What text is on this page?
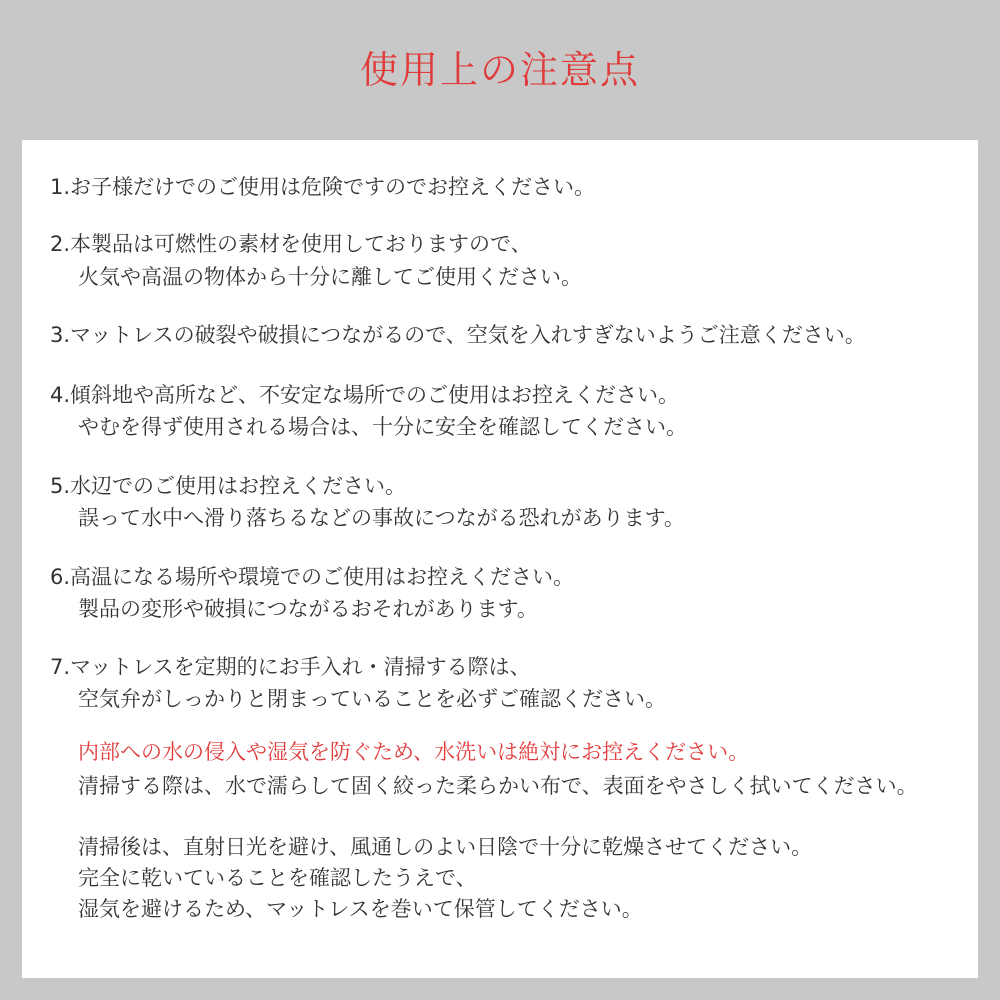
使用上の注意点
1.お子様だけでのご使用は危険ですのでお控えください。
2.本製品は可燃性の素材を使用しておりますので、
火気や高温の物体から十分に離してご使用ください。
3.マットレスの破裂や破損につながるので、空気を入れすぎないようご注意ください。
4.傾斜地や高所など、不安定な場所でのご使用はお控えください。
やむを得ず使用される場合は、十分に安全を確認してください。
5.水辺でのご使用はお控えください。
誤って水中へ滑り落ちるなどの事故につながる恐れがあります。
6.高温になる場所や環境でのご使用はお控えください。
製品の変形や破損につながるおそれがあります。
7.マットレスを定期的にお手入れ・清掃する際は、
空気弁がしっかりと閉まっていることを必ずご確認ください。
内部への水の侵入や湿気を防ぐため、水洗いは絶対にお控えください。
清掃する際は、水で濡らして固く絞った柔らかい布で、表面をやさしく拭いてください。
清掃後は、直射日光を避け、風通しのよい日陰で十分に乾燥させてください。
完全に乾いていることを確認したうえで、
湿気を避けるため、マットレスを巻いて保管してください。
